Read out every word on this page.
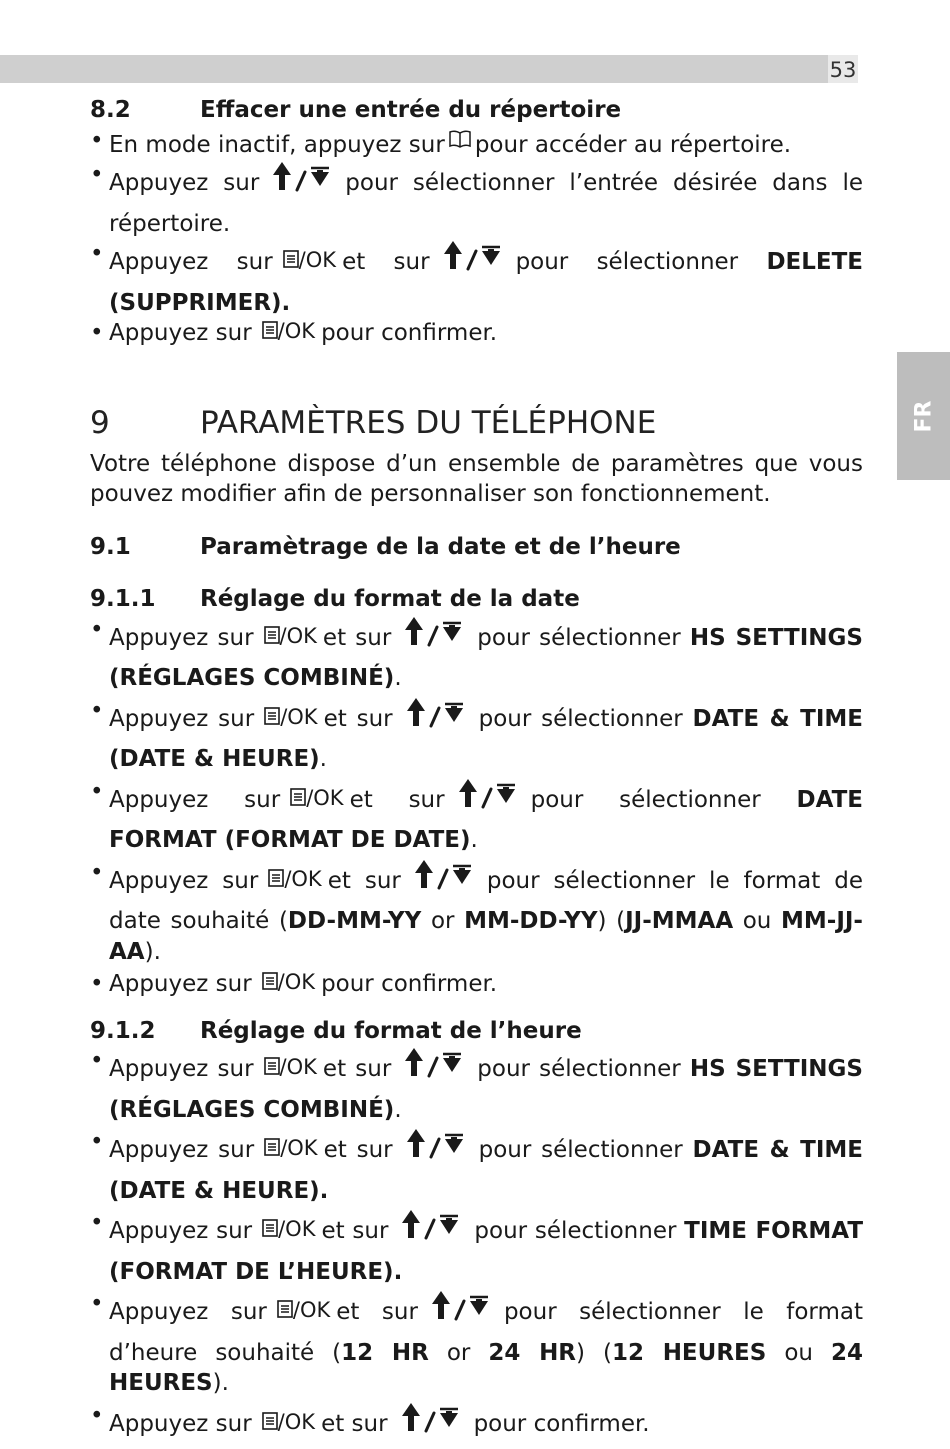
53
FR
8.2	Effacer une entrée du répertoire
• En mode inactif, appuyez sur pour accéder au répertoire.
• Appuyez sur	pour sélectionner l’entrée désirée dans le répertoire.
• Appuyez sur /OK et sur	pour sélectionner DELETE (SUPPRIMER).
• Appuyez sur /OK pour confirmer.
9	PARAMÈTRES DU TÉLÉPHONE

Votre téléphone dispose d’un ensemble de paramètres que vous pouvez modifier afin de personnaliser son fonctionnement.

9.1	Paramètrage de la date et de l’heure
9.1.1	Réglage du format de la date
• Appuyez sur /OK et sur	pour sélectionner HS SETTINGS (RÉGLAGES COMBINÉ).
• Appuyez sur /OK et sur	pour sélectionner DATE & TIME (DATE & HEURE).
• Appuyez sur /OK et sur	pour sélectionner DATE FORMAT (FORMAT DE DATE).
• Appuyez sur /OK et sur	pour sélectionner le format de date souhaité (DD-MM-YY or MM-DD-YY) (JJ-MMAA ou MM-JJ-AA).
• Appuyez sur /OK pour confirmer.
9.1.2	Réglage du format de l’heure
• Appuyez sur /OK et sur	pour sélectionner HS SETTINGS (RÉGLAGES COMBINÉ).
• Appuyez sur /OK et sur	pour sélectionner DATE & TIME (DATE & HEURE).
• Appuyez sur /OK et sur	pour sélectionner TIME FORMAT (FORMAT DE L’HEURE).
• Appuyez sur /OK et sur	pour sélectionner le format d’heure souhaité (12 HR or 24 HR) (12 HEURES ou 24 HEURES).
• Appuyez sur /OK et sur	pour confirmer.
